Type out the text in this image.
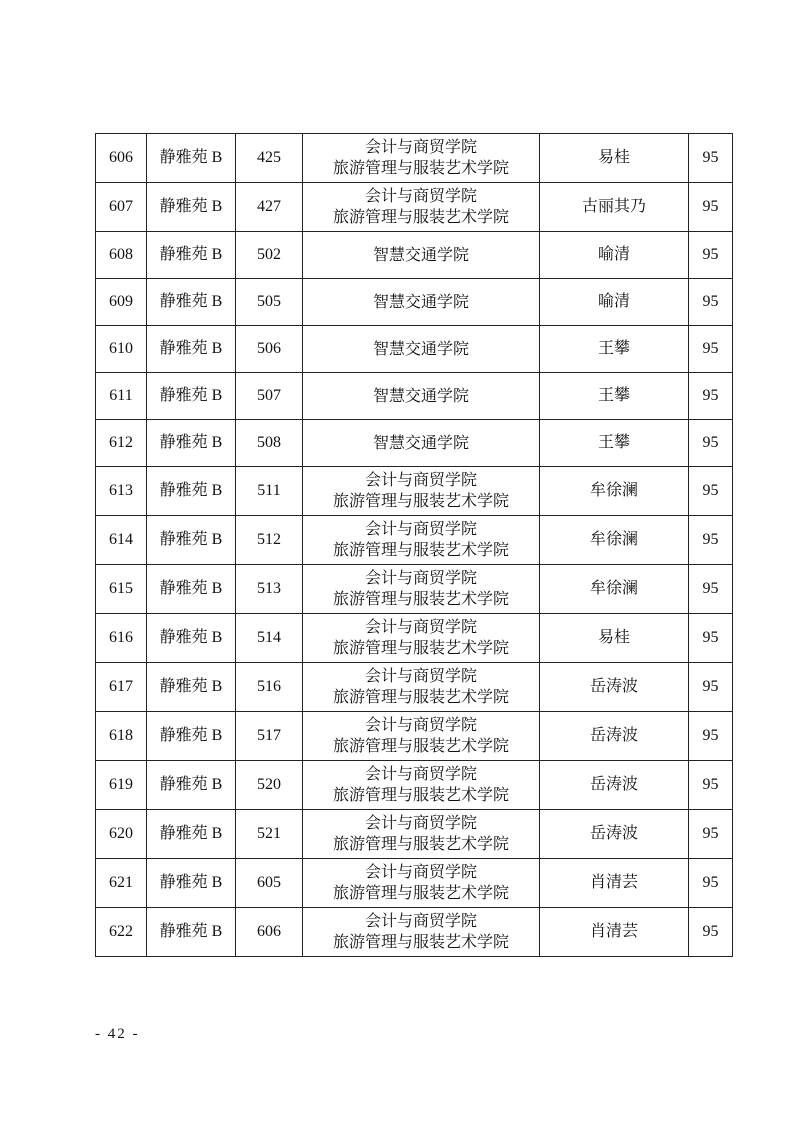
606	静雅苑 B	425	会计与商贸学院
旅游管理与服装艺术学院	易桂	95
607	静雅苑 B	427	会计与商贸学院
旅游管理与服装艺术学院	古丽其乃	95
608	静雅苑 B	502	智慧交通学院	喻清	95
609	静雅苑 B	505	智慧交通学院	喻清	95
610	静雅苑 B	506	智慧交通学院	王攀	95
611	静雅苑 B	507	智慧交通学院	王攀	95
612	静雅苑 B	508	智慧交通学院	王攀	95
613	静雅苑 B	511	会计与商贸学院
旅游管理与服装艺术学院	牟徐澜	95
614	静雅苑 B	512	会计与商贸学院
旅游管理与服装艺术学院	牟徐澜	95
615	静雅苑 B	513	会计与商贸学院
旅游管理与服装艺术学院	牟徐澜	95
616	静雅苑 B	514	会计与商贸学院
旅游管理与服装艺术学院	易桂	95
617	静雅苑 B	516	会计与商贸学院
旅游管理与服装艺术学院	岳涛波	95
618	静雅苑 B	517	会计与商贸学院
旅游管理与服装艺术学院	岳涛波	95
619	静雅苑 B	520	会计与商贸学院
旅游管理与服装艺术学院	岳涛波	95
620	静雅苑 B	521	会计与商贸学院
旅游管理与服装艺术学院	岳涛波	95
621	静雅苑 B	605	会计与商贸学院
旅游管理与服装艺术学院	肖清芸	95
622	静雅苑 B	606	会计与商贸学院
旅游管理与服装艺术学院	肖清芸	95
- 42 -
